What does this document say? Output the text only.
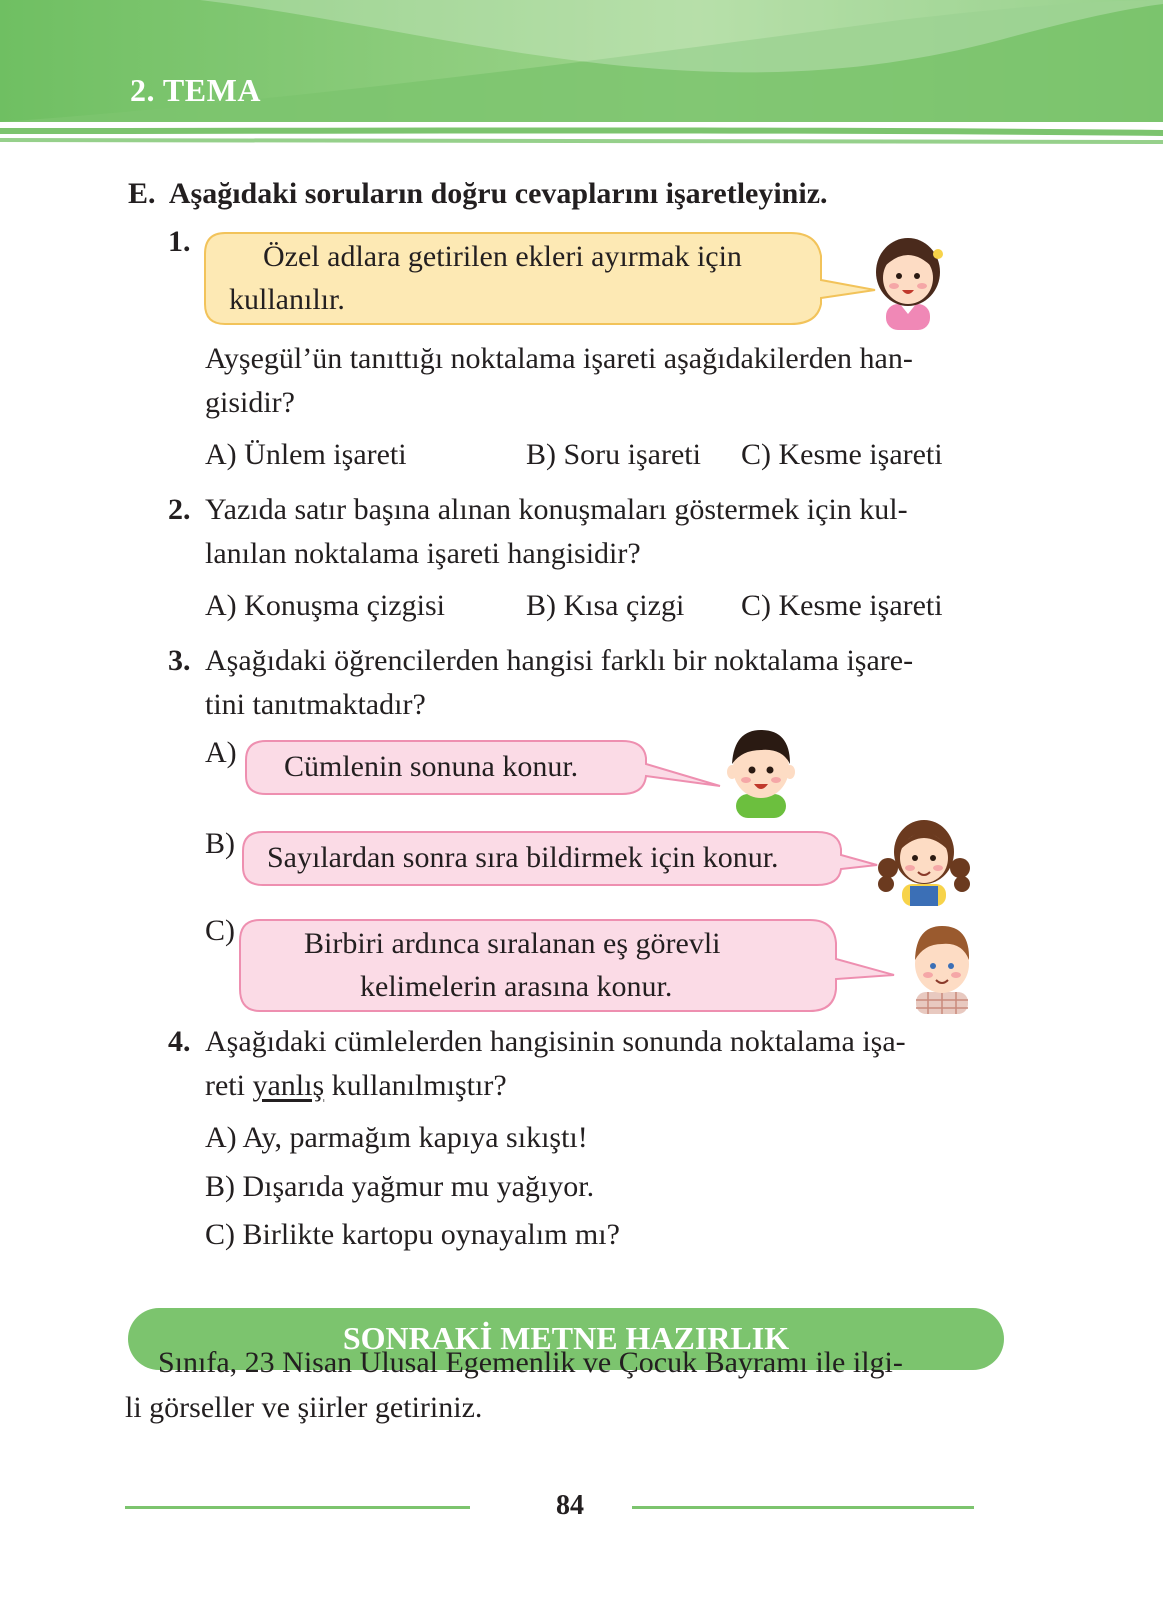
2. TEMA
E. Aşağıdaki soruların doğru cevaplarını işaretleyiniz.
1. Özel adlara getirilen ekleri ayırmak için
kullanılır.
Ayşegül’ün tanıttığı noktalama işareti aşağıdakilerden han-
gisidir?
A) Ünlem işareti	B) Soru işareti C) Kesme işareti
2. Yazıda satır başına alınan konuşmaları göstermek için kul-
lanılan noktalama işareti hangisidir?
A) Konuşma çizgisi	B) Kısa çizgi C) Kesme işareti
3. Aşağıdaki öğrencilerden hangisi farklı bir noktalama işare-
tini tanıtmaktadır?
A) Cümlenin sonuna konur.
B) Sayılardan sonra sıra bildirmek için konur.
C) Birbiri ardınca sıralanan eş görevli
kelimelerin arasına konur.
4. Aşağıdaki cümlelerden hangisinin sonunda noktalama işa-
reti yanlış kullanılmıştır?
A) Ay, parmağım kapıya sıkıştı!
B) Dışarıda yağmur mu yağıyor.
C) Birlikte kartopu oynayalım mı?
SONRAKİ METNE HAZIRLIK
Sınıfa, 23 Nisan Ulusal Egemenlik ve Çocuk Bayramı ile ilgi-
li görseller ve şiirler getiriniz.
84
